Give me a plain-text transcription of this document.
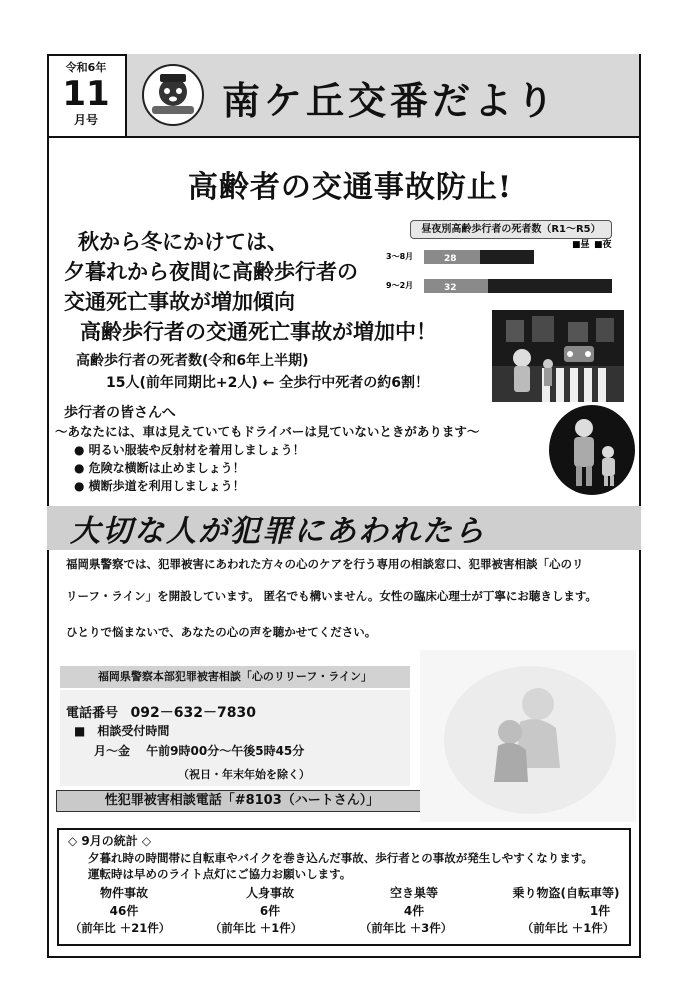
令和6年
11
月号	南ケ丘交番だより
高齢者の交通事故防止!
秋から冬にかけては、
夕暮れから夜間に高齢歩行者の
交通死亡事故が増加傾向
高齢歩行者の交通死亡事故が増加中！
昼夜別高齢歩行者の死者数（R1～R5）
■昼 ■夜
3～8月
9～2月
28
32
高齢歩行者の死者数(令和6年上半期)
15人(前年同期比+2人) ← 全歩行中死者の約6割！
歩行者の皆さんへ
～あなたには、車は見えていてもドライバーは見ていないときがあります～
● 明るい服装や反射材を着用しましょう！
● 危険な横断は止めましょう！
● 横断歩道を利用しましょう！
大切な人が犯罪にあわれたら
福岡県警察では、犯罪被害にあわれた方々の心のケアを行う専用の相談窓口、犯罪被害相談「心のリ
リーフ・ライン」を開設しています。 匿名でも構いません。女性の臨床心理士が丁寧にお聴きします。
ひとりで悩まないで、あなたの心の声を聴かせてください。
福岡県警察本部犯罪被害相談「心のリリーフ・ライン」
電話番号 092－632－7830
■　相談受付時間
月～金　 午前9時00分～午後5時45分
（祝日・年末年始を除く）
性犯罪被害相談電話「#8103（ハートさん）」
◇ 9月の統計 ◇
夕暮れ時の時間帯に自転車やバイクを巻き込んだ事故、歩行者との事故が発生しやすくなります。
運転時は早めのライト点灯にご協力お願いします。
物件事故	人身事故	空き巣等	乗り物盗(自転車等)
46件	6件	4件	1件
（前年比 ＋21件）	（前年比 ＋1件）	（前年比 ＋3件）	（前年比 ＋1件）
